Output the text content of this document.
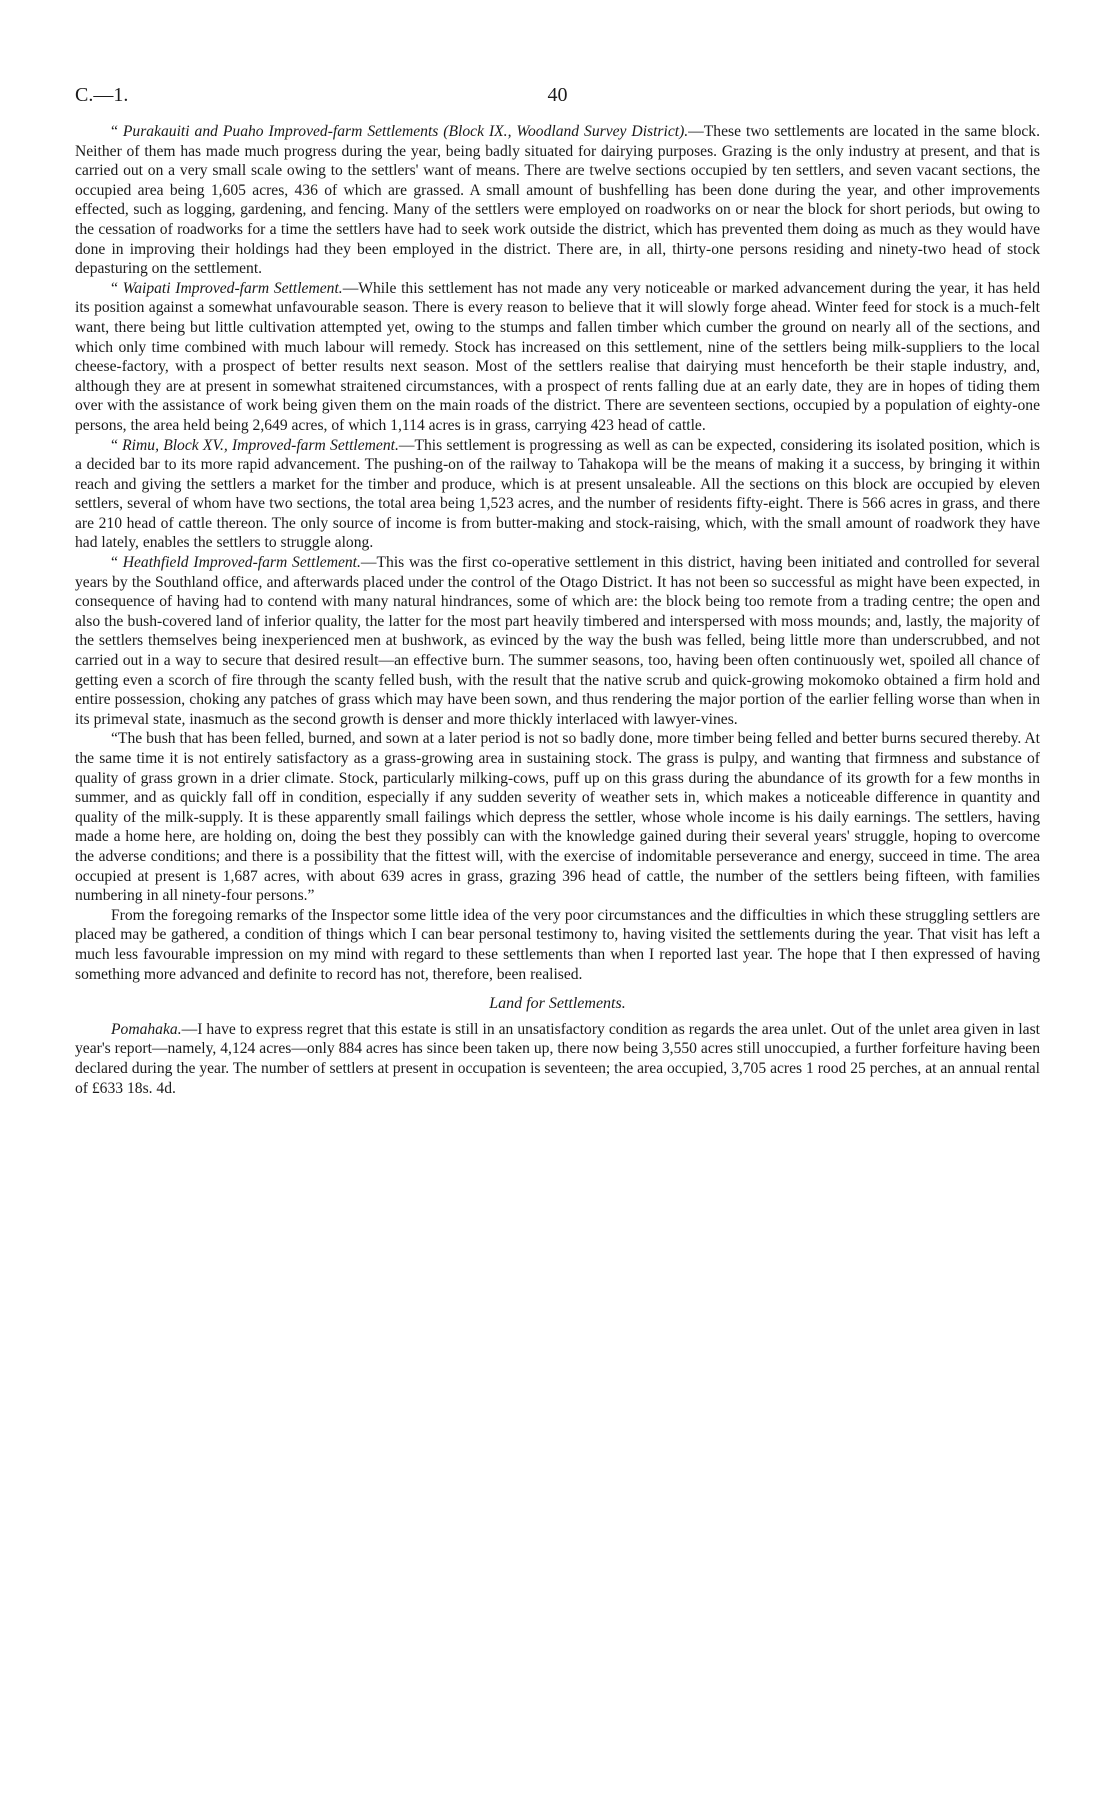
C.—1.	40

“ Purakauiti and Puaho Improved-farm Settlements (Block IX., Woodland Survey District).—These two settlements are located in the same block. Neither of them has made much progress during the year, being badly situated for dairying purposes. Grazing is the only industry at present, and that is carried out on a very small scale owing to the settlers' want of means. There are twelve sections occupied by ten settlers, and seven vacant sections, the occupied area being 1,605 acres, 436 of which are grassed. A small amount of bushfelling has been done during the year, and other improvements effected, such as logging, gardening, and fencing. Many of the settlers were employed on roadworks on or near the block for short periods, but owing to the cessation of roadworks for a time the settlers have had to seek work outside the district, which has prevented them doing as much as they would have done in improving their holdings had they been employed in the district. There are, in all, thirty-one persons residing and ninety-two head of stock depasturing on the settlement.

“ Waipati Improved-farm Settlement.—While this settlement has not made any very noticeable or marked advancement during the year, it has held its position against a somewhat unfavourable season. There is every reason to believe that it will slowly forge ahead. Winter feed for stock is a much-felt want, there being but little cultivation attempted yet, owing to the stumps and fallen timber which cumber the ground on nearly all of the sections, and which only time combined with much labour will remedy. Stock has increased on this settlement, nine of the settlers being milk-suppliers to the local cheese-factory, with a prospect of better results next season. Most of the settlers realise that dairying must henceforth be their staple industry, and, although they are at present in somewhat straitened circumstances, with a prospect of rents falling due at an early date, they are in hopes of tiding them over with the assistance of work being given them on the main roads of the district. There are seventeen sections, occupied by a population of eighty-one persons, the area held being 2,649 acres, of which 1,114 acres is in grass, carrying 423 head of cattle.

“ Rimu, Block XV., Improved-farm Settlement.—This settlement is progressing as well as can be expected, considering its isolated position, which is a decided bar to its more rapid advancement. The pushing-on of the railway to Tahakopa will be the means of making it a success, by bringing it within reach and giving the settlers a market for the timber and produce, which is at present unsaleable. All the sections on this block are occupied by eleven settlers, several of whom have two sections, the total area being 1,523 acres, and the number of residents fifty-eight. There is 566 acres in grass, and there are 210 head of cattle thereon. The only source of income is from butter-making and stock-raising, which, with the small amount of roadwork they have had lately, enables the settlers to struggle along.

“ Heathfield Improved-farm Settlement.—This was the first co-operative settlement in this district, having been initiated and controlled for several years by the Southland office, and afterwards placed under the control of the Otago District. It has not been so successful as might have been expected, in consequence of having had to contend with many natural hindrances, some of which are: the block being too remote from a trading centre; the open and also the bush-covered land of inferior quality, the latter for the most part heavily timbered and interspersed with moss mounds; and, lastly, the majority of the settlers themselves being inexperienced men at bushwork, as evinced by the way the bush was felled, being little more than underscrubbed, and not carried out in a way to secure that desired result—an effective burn. The summer seasons, too, having been often continuously wet, spoiled all chance of getting even a scorch of fire through the scanty felled bush, with the result that the native scrub and quick-growing mokomoko obtained a firm hold and entire possession, choking any patches of grass which may have been sown, and thus rendering the major portion of the earlier felling worse than when in its primeval state, inasmuch as the second growth is denser and more thickly interlaced with lawyer-vines.

“The bush that has been felled, burned, and sown at a later period is not so badly done, more timber being felled and better burns secured thereby. At the same time it is not entirely satisfactory as a grass-growing area in sustaining stock. The grass is pulpy, and wanting that firmness and substance of quality of grass grown in a drier climate. Stock, particularly milking-cows, puff up on this grass during the abundance of its growth for a few months in summer, and as quickly fall off in condition, especially if any sudden severity of weather sets in, which makes a noticeable difference in quantity and quality of the milk-supply. It is these apparently small failings which depress the settler, whose whole income is his daily earnings. The settlers, having made a home here, are holding on, doing the best they possibly can with the knowledge gained during their several years' struggle, hoping to overcome the adverse conditions; and there is a possibility that the fittest will, with the exercise of indomitable perseverance and energy, succeed in time. The area occupied at present is 1,687 acres, with about 639 acres in grass, grazing 396 head of cattle, the number of the settlers being fifteen, with families numbering in all ninety-four persons.”

From the foregoing remarks of the Inspector some little idea of the very poor circumstances and the difficulties in which these struggling settlers are placed may be gathered, a condition of things which I can bear personal testimony to, having visited the settlements during the year. That visit has left a much less favourable impression on my mind with regard to these settlements than when I reported last year. The hope that I then expressed of having something more advanced and definite to record has not, therefore, been realised.

Land for Settlements.

Pomahaka.—I have to express regret that this estate is still in an unsatisfactory condition as regards the area unlet. Out of the unlet area given in last year's report—namely, 4,124 acres—only 884 acres has since been taken up, there now being 3,550 acres still unoccupied, a further forfeiture having been declared during the year. The number of settlers at present in occupation is seventeen; the area occupied, 3,705 acres 1 rood 25 perches, at an annual rental of £633 18s. 4d.
